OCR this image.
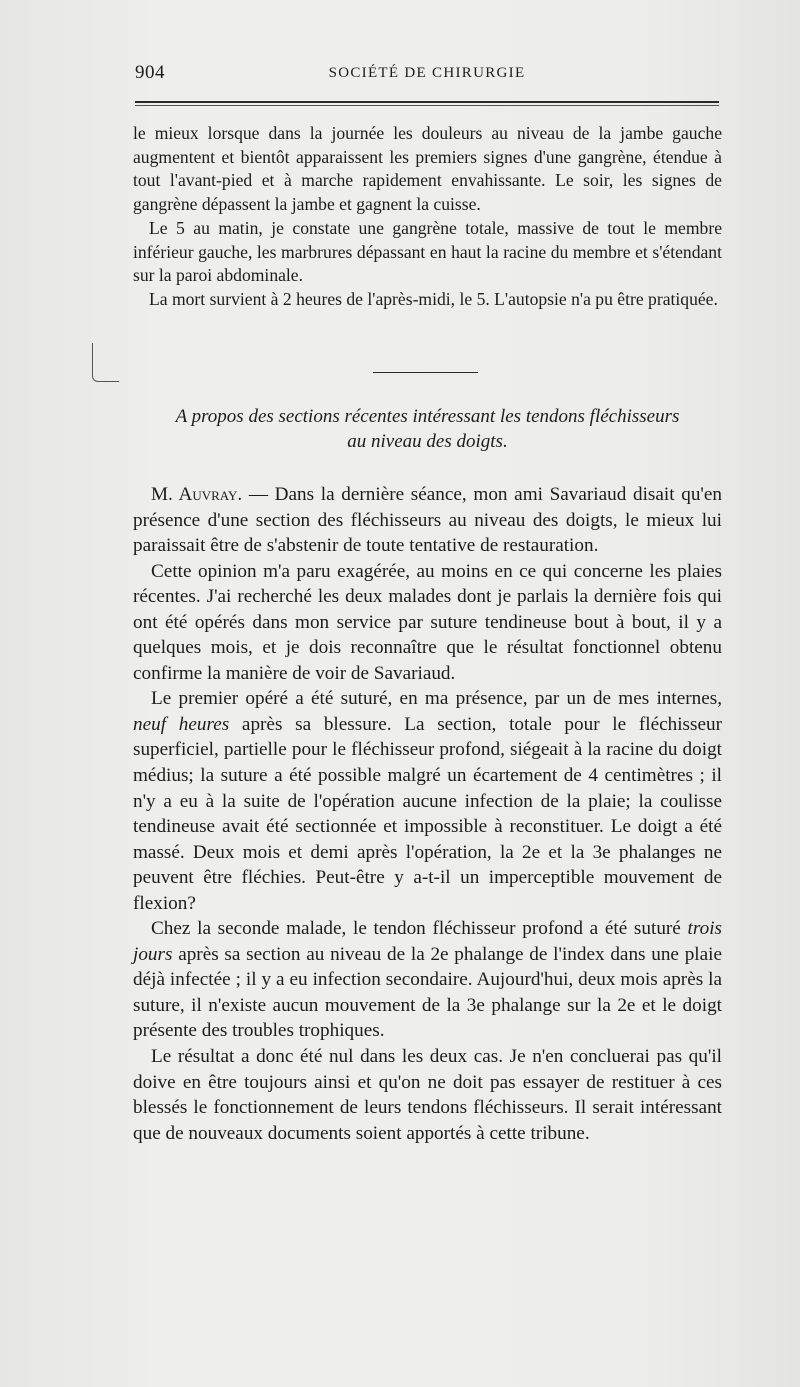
904	SOCIÉTÉ DE CHIRURGIE

le mieux lorsque dans la journée les douleurs au niveau de la jambe gauche augmentent et bientôt apparaissent les premiers signes d'une gangrène, étendue à tout l'avant-pied et à marche rapidement envahissante. Le soir, les signes de gangrène dépassent la jambe et gagnent la cuisse.

Le 5 au matin, je constate une gangrène totale, massive de tout le membre inférieur gauche, les marbrures dépassant en haut la racine du membre et s'étendant sur la paroi abdominale.

La mort survient à 2 heures de l'après-midi, le 5. L'autopsie n'a pu être pratiquée.

A propos des sections récentes intéressant les tendons fléchisseurs
au niveau des doigts.

M. Auvray. — Dans la dernière séance, mon ami Savariaud disait qu'en présence d'une section des fléchisseurs au niveau des doigts, le mieux lui paraissait être de s'abstenir de toute tentative de restauration.

Cette opinion m'a paru exagérée, au moins en ce qui concerne les plaies récentes. J'ai recherché les deux malades dont je parlais la dernière fois qui ont été opérés dans mon service par suture tendineuse bout à bout, il y a quelques mois, et je dois reconnaître que le résultat fonctionnel obtenu confirme la manière de voir de Savariaud.

Le premier opéré a été suturé, en ma présence, par un de mes internes, neuf heures après sa blessure. La section, totale pour le fléchisseur superficiel, partielle pour le fléchisseur profond, siégeait à la racine du doigt médius; la suture a été possible malgré un écartement de 4 centimètres ; il n'y a eu à la suite de l'opération aucune infection de la plaie; la coulisse tendineuse avait été sectionnée et impossible à reconstituer. Le doigt a été massé. Deux mois et demi après l'opération, la 2e et la 3e phalanges ne peuvent être fléchies. Peut-être y a-t-il un imperceptible mouvement de flexion?

Chez la seconde malade, le tendon fléchisseur profond a été suturé trois jours après sa section au niveau de la 2e phalange de l'index dans une plaie déjà infectée ; il y a eu infection secondaire. Aujourd'hui, deux mois après la suture, il n'existe aucun mouvement de la 3e phalange sur la 2e et le doigt présente des troubles trophiques.

Le résultat a donc été nul dans les deux cas. Je n'en concluerai pas qu'il doive en être toujours ainsi et qu'on ne doit pas essayer de restituer à ces blessés le fonctionnement de leurs tendons fléchisseurs. Il serait intéressant que de nouveaux documents soient apportés à cette tribune.
